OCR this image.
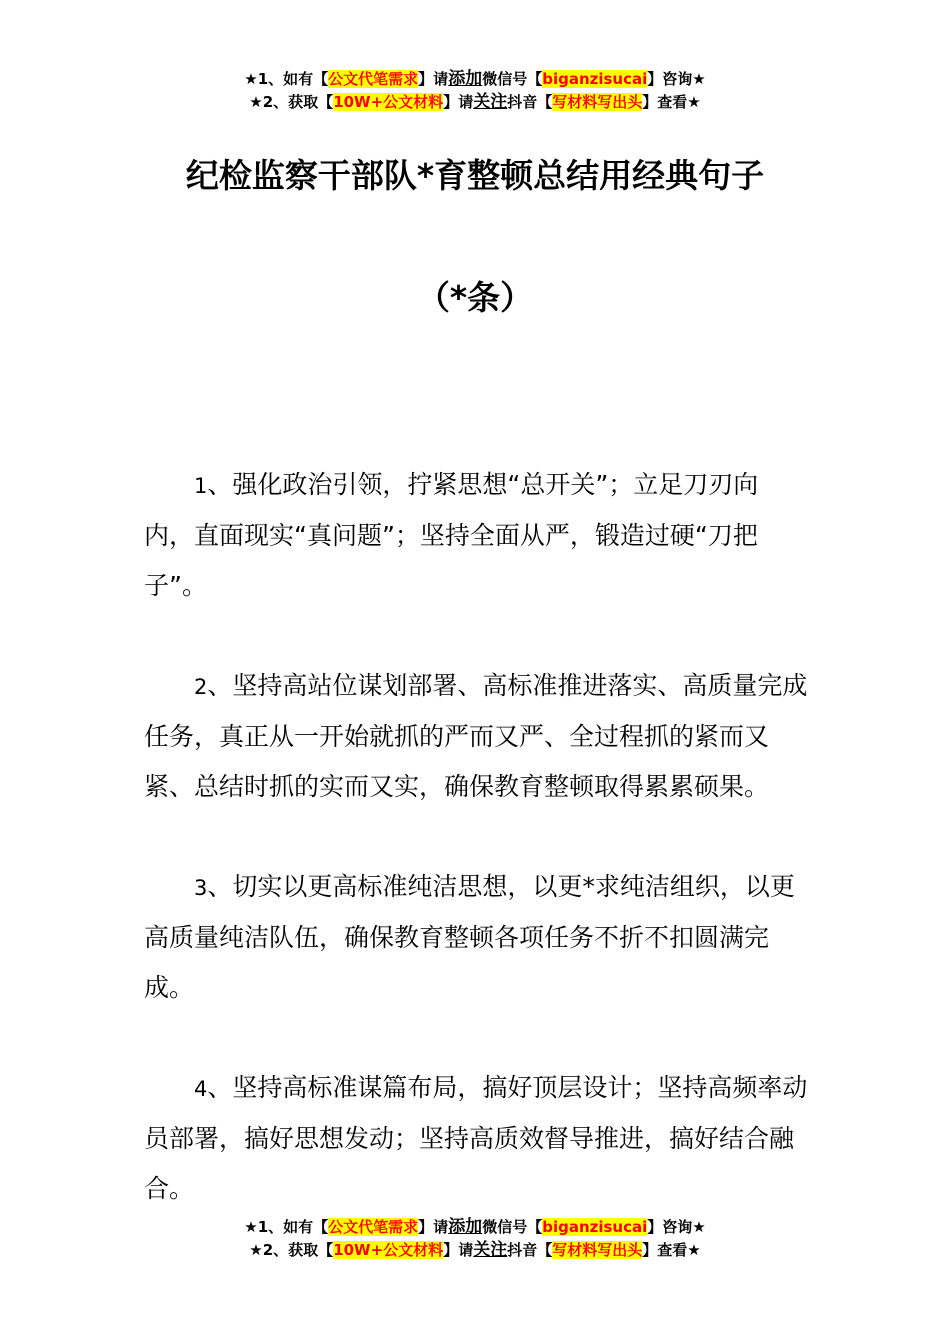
★1、如有【公文代笔需求】请添加微信号【biganzisucai】咨询★
★2、获取【10W+公文材料】请关注抖音【写材料写出头】查看★
纪检监察干部队*育整顿总结用经典句子
（*条）

1、强化政治引领，拧紧思想“总开关”；立足刀刃向内，直面现实“真问题”；坚持全面从严，锻造过硬“刀把子”。

2、坚持高站位谋划部署、高标准推进落实、高质量完成任务，真正从一开始就抓的严而又严、全过程抓的紧而又紧、总结时抓的实而又实，确保教育整顿取得累累硕果。

3、切实以更高标准纯洁思想，以更*求纯洁组织，以更高质量纯洁队伍，确保教育整顿各项任务不折不扣圆满完成。

4、坚持高标准谋篇布局，搞好顶层设计；坚持高频率动员部署，搞好思想发动；坚持高质效督导推进，搞好结合融合。

★1、如有【公文代笔需求】请添加微信号【biganzisucai】咨询★
★2、获取【10W+公文材料】请关注抖音【写材料写出头】查看★
